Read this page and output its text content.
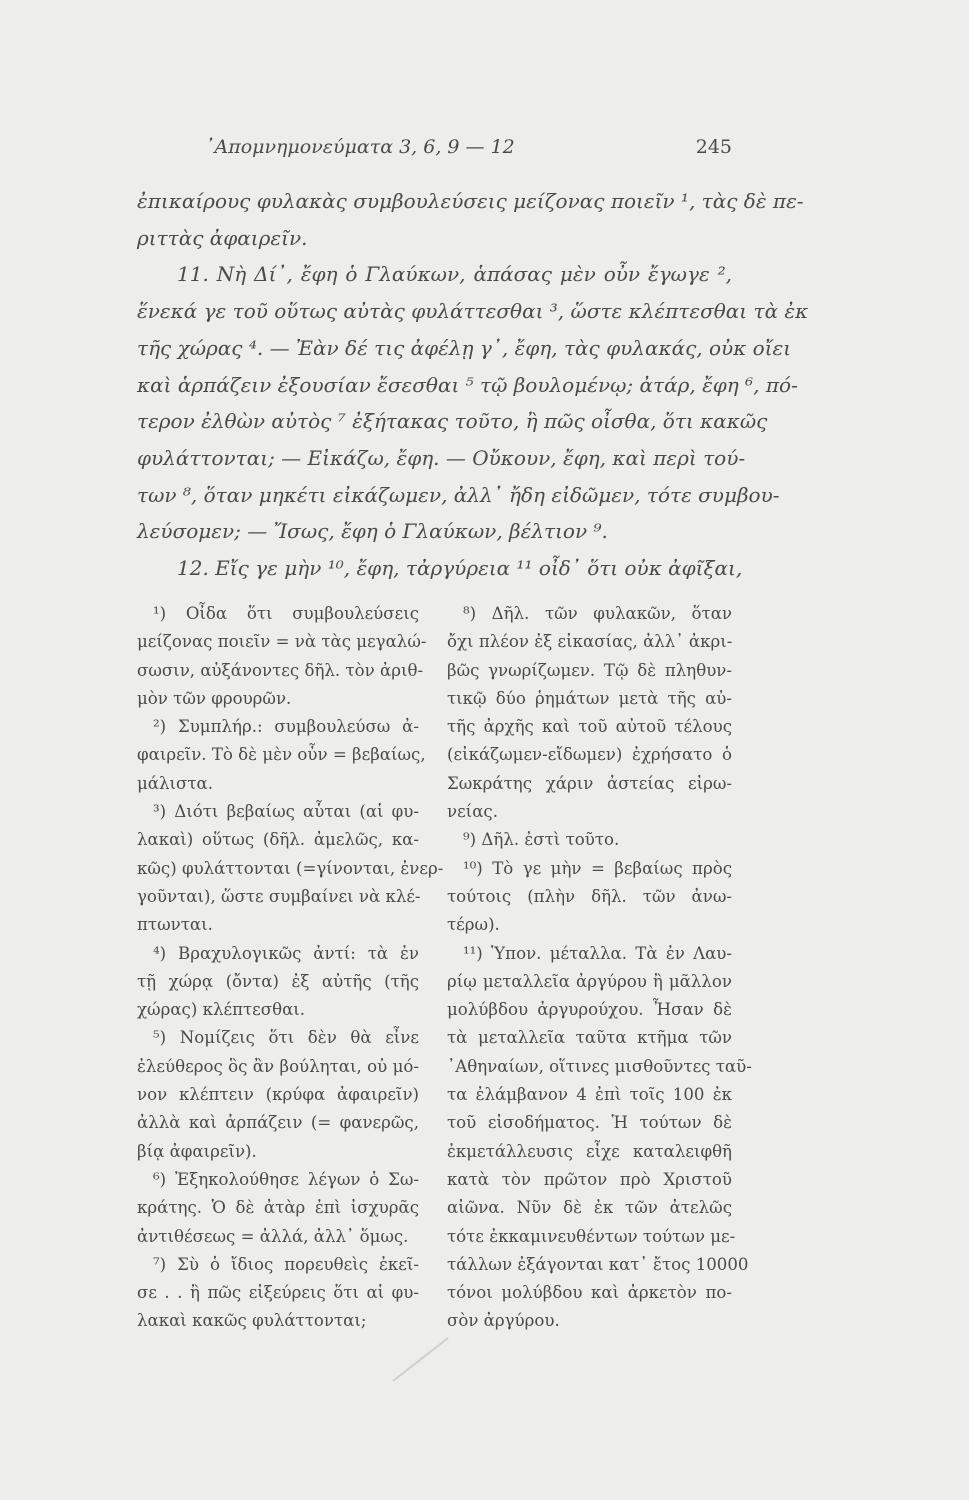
᾿Απομνημονεύματα 3, 6, 9 — 12	245
ἐπικαίρους φυλακὰς συμβουλεύσεις μείζονας ποιεῖν ¹, τὰς δὲ πε-
ριττὰς ἀφαιρεῖν.
11. Νὴ Δί᾿, ἔφη ὁ Γλαύκων, ἁπάσας μὲν οὖν ἔγωγε ²,
ἕνεκά γε τοῦ οὕτως αὐτὰς φυλάττεσθαι ³, ὥστε κλέπτεσθαι τὰ ἐκ
τῆς χώρας ⁴. — Ἐὰν δέ τις ἀφέλῃ γ᾿, ἔφη, τὰς φυλακάς, οὐκ οἴει
καὶ ἁρπάζειν ἐξουσίαν ἔσεσθαι ⁵ τῷ βουλομένῳ; ἀτάρ, ἔφη ⁶, πό-
τερον ἐλθὼν αὐτὸς ⁷ ἐξήτακας τοῦτο, ἢ πῶς οἶσθα, ὅτι κακῶς
φυλάττονται; — Εἰκάζω, ἔφη. — Οὔκουν, ἔφη, καὶ περὶ τού-
των ⁸, ὅταν μηκέτι εἰκάζωμεν, ἀλλ᾿ ἤδη εἰδῶμεν, τότε συμβου-
λεύσομεν; — Ἴσως, ἔφη ὁ Γλαύκων, βέλτιον ⁹.
12. Εἴς γε μὴν ¹⁰, ἔφη, τἀργύρεια ¹¹ οἶδ᾿ ὅτι οὐκ ἀφῖξαι,
¹) Οἶδα ὅτι συμβουλεύσεις
μείζονας ποιεῖν = νὰ τὰς μεγαλώ-
σωσιν, αὐξάνοντες δῆλ. τὸν ἀριθ-
μὸν τῶν φρουρῶν.
²) Συμπλήρ.: συμβουλεύσω ἀ-
φαιρεῖν. Τὸ δὲ μὲν οὖν = βεβαίως,
μάλιστα.
³) Διότι βεβαίως αὗται (αἱ φυ-
λακαὶ) οὕτως (δῆλ. ἀμελῶς, κα-
κῶς) φυλάττονται (=γίνονται, ἐνερ-
γοῦνται), ὥστε συμβαίνει νὰ κλέ-
πτωνται.
⁴) Βραχυλογικῶς ἀντί: τὰ ἐν
τῇ χώρᾳ (ὄντα) ἐξ αὐτῆς (τῆς
χώρας) κλέπτεσθαι.
⁵) Νομίζεις ὅτι δὲν θὰ εἶνε
ἐλεύθερος ὃς ἂν βούληται, οὐ μό-
νον κλέπτειν (κρύφα ἀφαιρεῖν)
ἀλλὰ καὶ ἁρπάζειν (= φανερῶς,
βίᾳ ἀφαιρεῖν).
⁶) Ἐξηκολούθησε λέγων ὁ Σω-
κράτης. Ὁ δὲ ἀτὰρ ἐπὶ ἰσχυρᾶς
ἀντιθέσεως = ἀλλά, ἀλλ᾿ ὅμως.
⁷) Σὺ ὁ ἴδιος πορευθεὶς ἐκεῖ-
σε . . ἢ πῶς εἰξεύρεις ὅτι αἱ φυ-
λακαὶ κακῶς φυλάττονται;
⁸) Δῆλ. τῶν φυλακῶν, ὅταν
ὄχι πλέον ἐξ εἰκασίας, ἀλλ᾿ ἀκρι-
βῶς γνωρίζωμεν. Τῷ δὲ πληθυν-
τικῷ δύο ῥημάτων μετὰ τῆς αὐ-
τῆς ἀρχῆς καὶ τοῦ αὐτοῦ τέλους
(εἰκάζωμεν-εἴδωμεν) ἐχρήσατο ὁ
Σωκράτης χάριν ἀστείας εἰρω-
νείας.
⁹) Δῆλ. ἐστὶ τοῦτο.
¹⁰) Τὸ γε μὴν = βεβαίως πρὸς
τούτοις (πλὴν δῆλ. τῶν ἀνω-
τέρω).
¹¹) Ὑπον. μέταλλα. Τὰ ἐν Λαυ-
ρίῳ μεταλλεῖα ἀργύρου ἢ μᾶλλον
μολύβδου ἀργυρούχου. Ἦσαν δὲ
τὰ μεταλλεῖα ταῦτα κτῆμα τῶν
᾿Αθηναίων, οἵτινες μισθοῦντες ταῦ-
τα ἐλάμβανον 4 ἐπὶ τοῖς 100 ἐκ
τοῦ εἰσοδήματος. Ἡ τούτων δὲ
ἐκμετάλλευσις εἶχε καταλειφθῆ
κατὰ τὸν πρῶτον πρὸ Χριστοῦ
αἰῶνα. Νῦν δὲ ἐκ τῶν ἀτελῶς
τότε ἐκκαμινευθέντων τούτων με-
τάλλων ἐξάγονται κατ᾿ ἔτος 10000
τόνοι μολύβδου καὶ ἀρκετὸν πο-
σὸν ἀργύρου.
